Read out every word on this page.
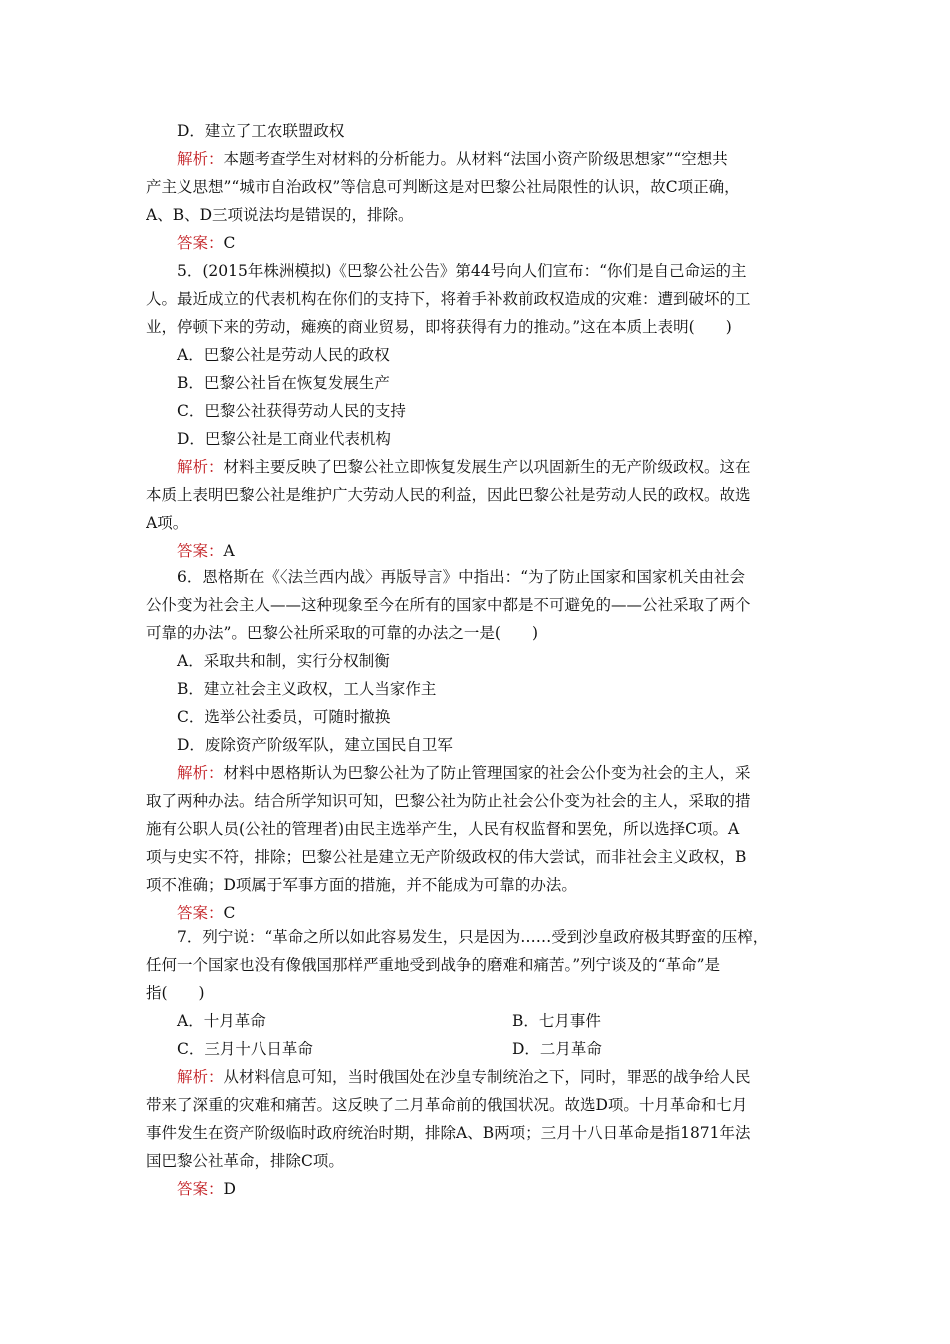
D．建立了工农联盟政权
解析：本题考查学生对材料的分析能力。从材料“法国小资产阶级思想家”“空想共
产主义思想”“城市自治政权”等信息可判断这是对巴黎公社局限性的认识，故C项正确，
A、B、D三项说法均是错误的，排除。
答案：C
5．(2015年株洲模拟)《巴黎公社公告》第44号向人们宣布：“你们是自己命运的主
人。最近成立的代表机构在你们的支持下，将着手补救前政权造成的灾难：遭到破坏的工
业，停顿下来的劳动，瘫痪的商业贸易，即将获得有力的推动。”这在本质上表明(　　)
A．巴黎公社是劳动人民的政权
B．巴黎公社旨在恢复发展生产
C．巴黎公社获得劳动人民的支持
D．巴黎公社是工商业代表机构
解析：材料主要反映了巴黎公社立即恢复发展生产以巩固新生的无产阶级政权。这在
本质上表明巴黎公社是维护广大劳动人民的利益，因此巴黎公社是劳动人民的政权。故选
A项。
答案：A
6．恩格斯在《〈法兰西内战〉再版导言》中指出：“为了防止国家和国家机关由社会
公仆变为社会主人——这种现象至今在所有的国家中都是不可避免的——公社采取了两个
可靠的办法”。巴黎公社所采取的可靠的办法之一是(　　)
A．采取共和制，实行分权制衡
B．建立社会主义政权，工人当家作主
C．选举公社委员，可随时撤换
D．废除资产阶级军队，建立国民自卫军
解析：材料中恩格斯认为巴黎公社为了防止管理国家的社会公仆变为社会的主人，采
取了两种办法。结合所学知识可知，巴黎公社为防止社会公仆变为社会的主人，采取的措
施有公职人员(公社的管理者)由民主选举产生，人民有权监督和罢免，所以选择C项。A
项与史实不符，排除；巴黎公社是建立无产阶级政权的伟大尝试，而非社会主义政权，B
项不准确；D项属于军事方面的措施，并不能成为可靠的办法。
答案：C
7．列宁说：“革命之所以如此容易发生，只是因为……受到沙皇政府极其野蛮的压榨，
任何一个国家也没有像俄国那样严重地受到战争的磨难和痛苦。”列宁谈及的“革命”是
指(　　)
A．十月革命	B．七月事件
C．三月十八日革命	D．二月革命
解析：从材料信息可知，当时俄国处在沙皇专制统治之下，同时，罪恶的战争给人民
带来了深重的灾难和痛苦。这反映了二月革命前的俄国状况。故选D项。十月革命和七月
事件发生在资产阶级临时政府统治时期，排除A、B两项；三月十八日革命是指1871年法
国巴黎公社革命，排除C项。
答案：D
